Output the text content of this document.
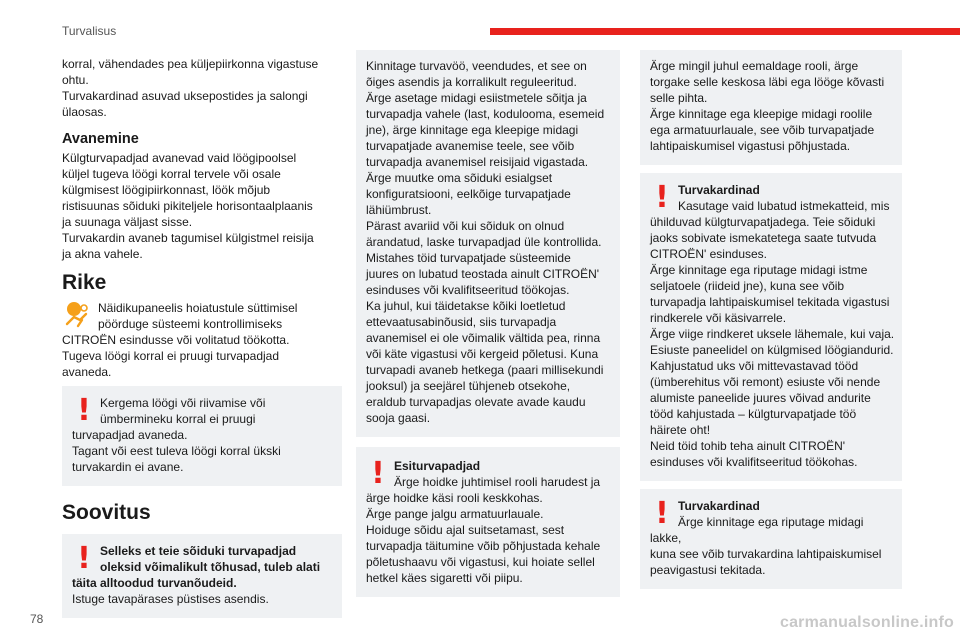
Turvalisus

korral, vähendades pea küljepiirkonna vigastuse
ohtu.
Turvakardinad asuvad uksepostides ja salongi
ülaosas.

Avanemine

Külgturvapadjad avanevad vaid löögipoolsel
küljel tugeva löögi korral tervele või osale
külgmisest löögipiirkonnast, löök mõjub
ristisuunas sõiduki pikiteljele horisontaalplaanis
ja suunaga väljast sisse.
Turvakardin avaneb tagumisel külgistmel reisija
ja akna vahele.

Rike

Näidikupaneelis hoiatustule süttimisel
pöörduge süsteemi kontrollimiseks
CITROËN esindusse või volitatud töökotta.
Tugeva löögi korral ei pruugi turvapadjad
avaneda.

! Kergema löögi või riivamise või
ümbermineku korral ei pruugi
turvapadjad avaneda.
Tagant või eest tuleva löögi korral ükski
turvakardin ei avane.

Soovitus
! Selleks et teie sõiduki turvapadjad
oleksid võimalikult tõhusad, tuleb alati
täita alltoodud turvanõudeid.

Istuge tavapärases püstises asendis.

Kinnitage turvavöö, veendudes, et see on
õiges asendis ja korralikult reguleeritud.
Ärge asetage midagi esiistmetele sõitja ja
turvapadja vahele (last, kodulooma, esemeid
jne), ärge kinnitage ega kleepige midagi
turvapatjade avanemise teele, see võib
turvapadja avanemisel reisijaid vigastada.
Ärge muutke oma sõiduki esialgset
konfiguratsiooni, eelkõige turvapatjade
lähiümbrust.
Pärast avariid või kui sõiduk on olnud
ärandatud, laske turvapadjad üle kontrollida.
Mistahes töid turvapatjade süsteemide
juures on lubatud teostada ainult CITROËN'
esinduses või kvalifitseeritud töökojas.
Ka juhul, kui täidetakse kõiki loetletud
ettevaatusabinõusid, siis turvapadja
avanemisel ei ole võimalik vältida pea, rinna
või käte vigastusi või kergeid põletusi. Kuna
turvapadi avaneb hetkega (paari millisekundi
jooksul) ja seejärel tühjeneb otsekohe,
eraldub turvapadjas olevate avade kaudu
sooja gaasi.

! Esiturvapadjad

Ärge hoidke juhtimisel rooli harudest ja
ärge hoidke käsi rooli keskkohas.
Ärge pange jalgu armatuurlauale.
Hoiduge sõidu ajal suitsetamast, sest
turvapadja täitumine võib põhjustada kehale
põletushaavu või vigastusi, kui hoiate sellel
hetkel käes sigaretti või piipu.

Ärge mingil juhul eemaldage rooli, ärge
torgake selle keskosa läbi ega lööge kõvasti
selle pihta.
Ärge kinnitage ega kleepige midagi roolile
ega armatuurlauale, see võib turvapatjade
lahtipaiskumisel vigastusi põhjustada.

! Turvakardinad

Kasutage vaid lubatud istmekatteid, mis
ühilduvad külgturvapatjadega. Teie sõiduki
jaoks sobivate ismekatetega saate tutvuda
CITROËN' esinduses.
Ärge kinnitage ega riputage midagi istme
seljatoele (riideid jne), kuna see võib
turvapadja lahtipaiskumisel tekitada vigastusi
rindkerele või käsivarrele.
Ärge viige rindkeret uksele lähemale, kui vaja.
Esiuste paneelidel on külgmised löögiandurid.
Kahjustatud uks või mittevastavad tööd
(ümberehitus või remont) esiuste või nende
alumiste paneelide juures võivad andurite
tööd kahjustada – külgturvapatjade töö
häirete oht!
Neid töid tohib teha ainult CITROËN'
esinduses või kvalifitseeritud töökohas.

! Turvakardinad

Ärge kinnitage ega riputage midagi lakke,
kuna see võib turvakardina lahtipaiskumisel
peavigastusi tekitada.

78	carmanualsonline.info
